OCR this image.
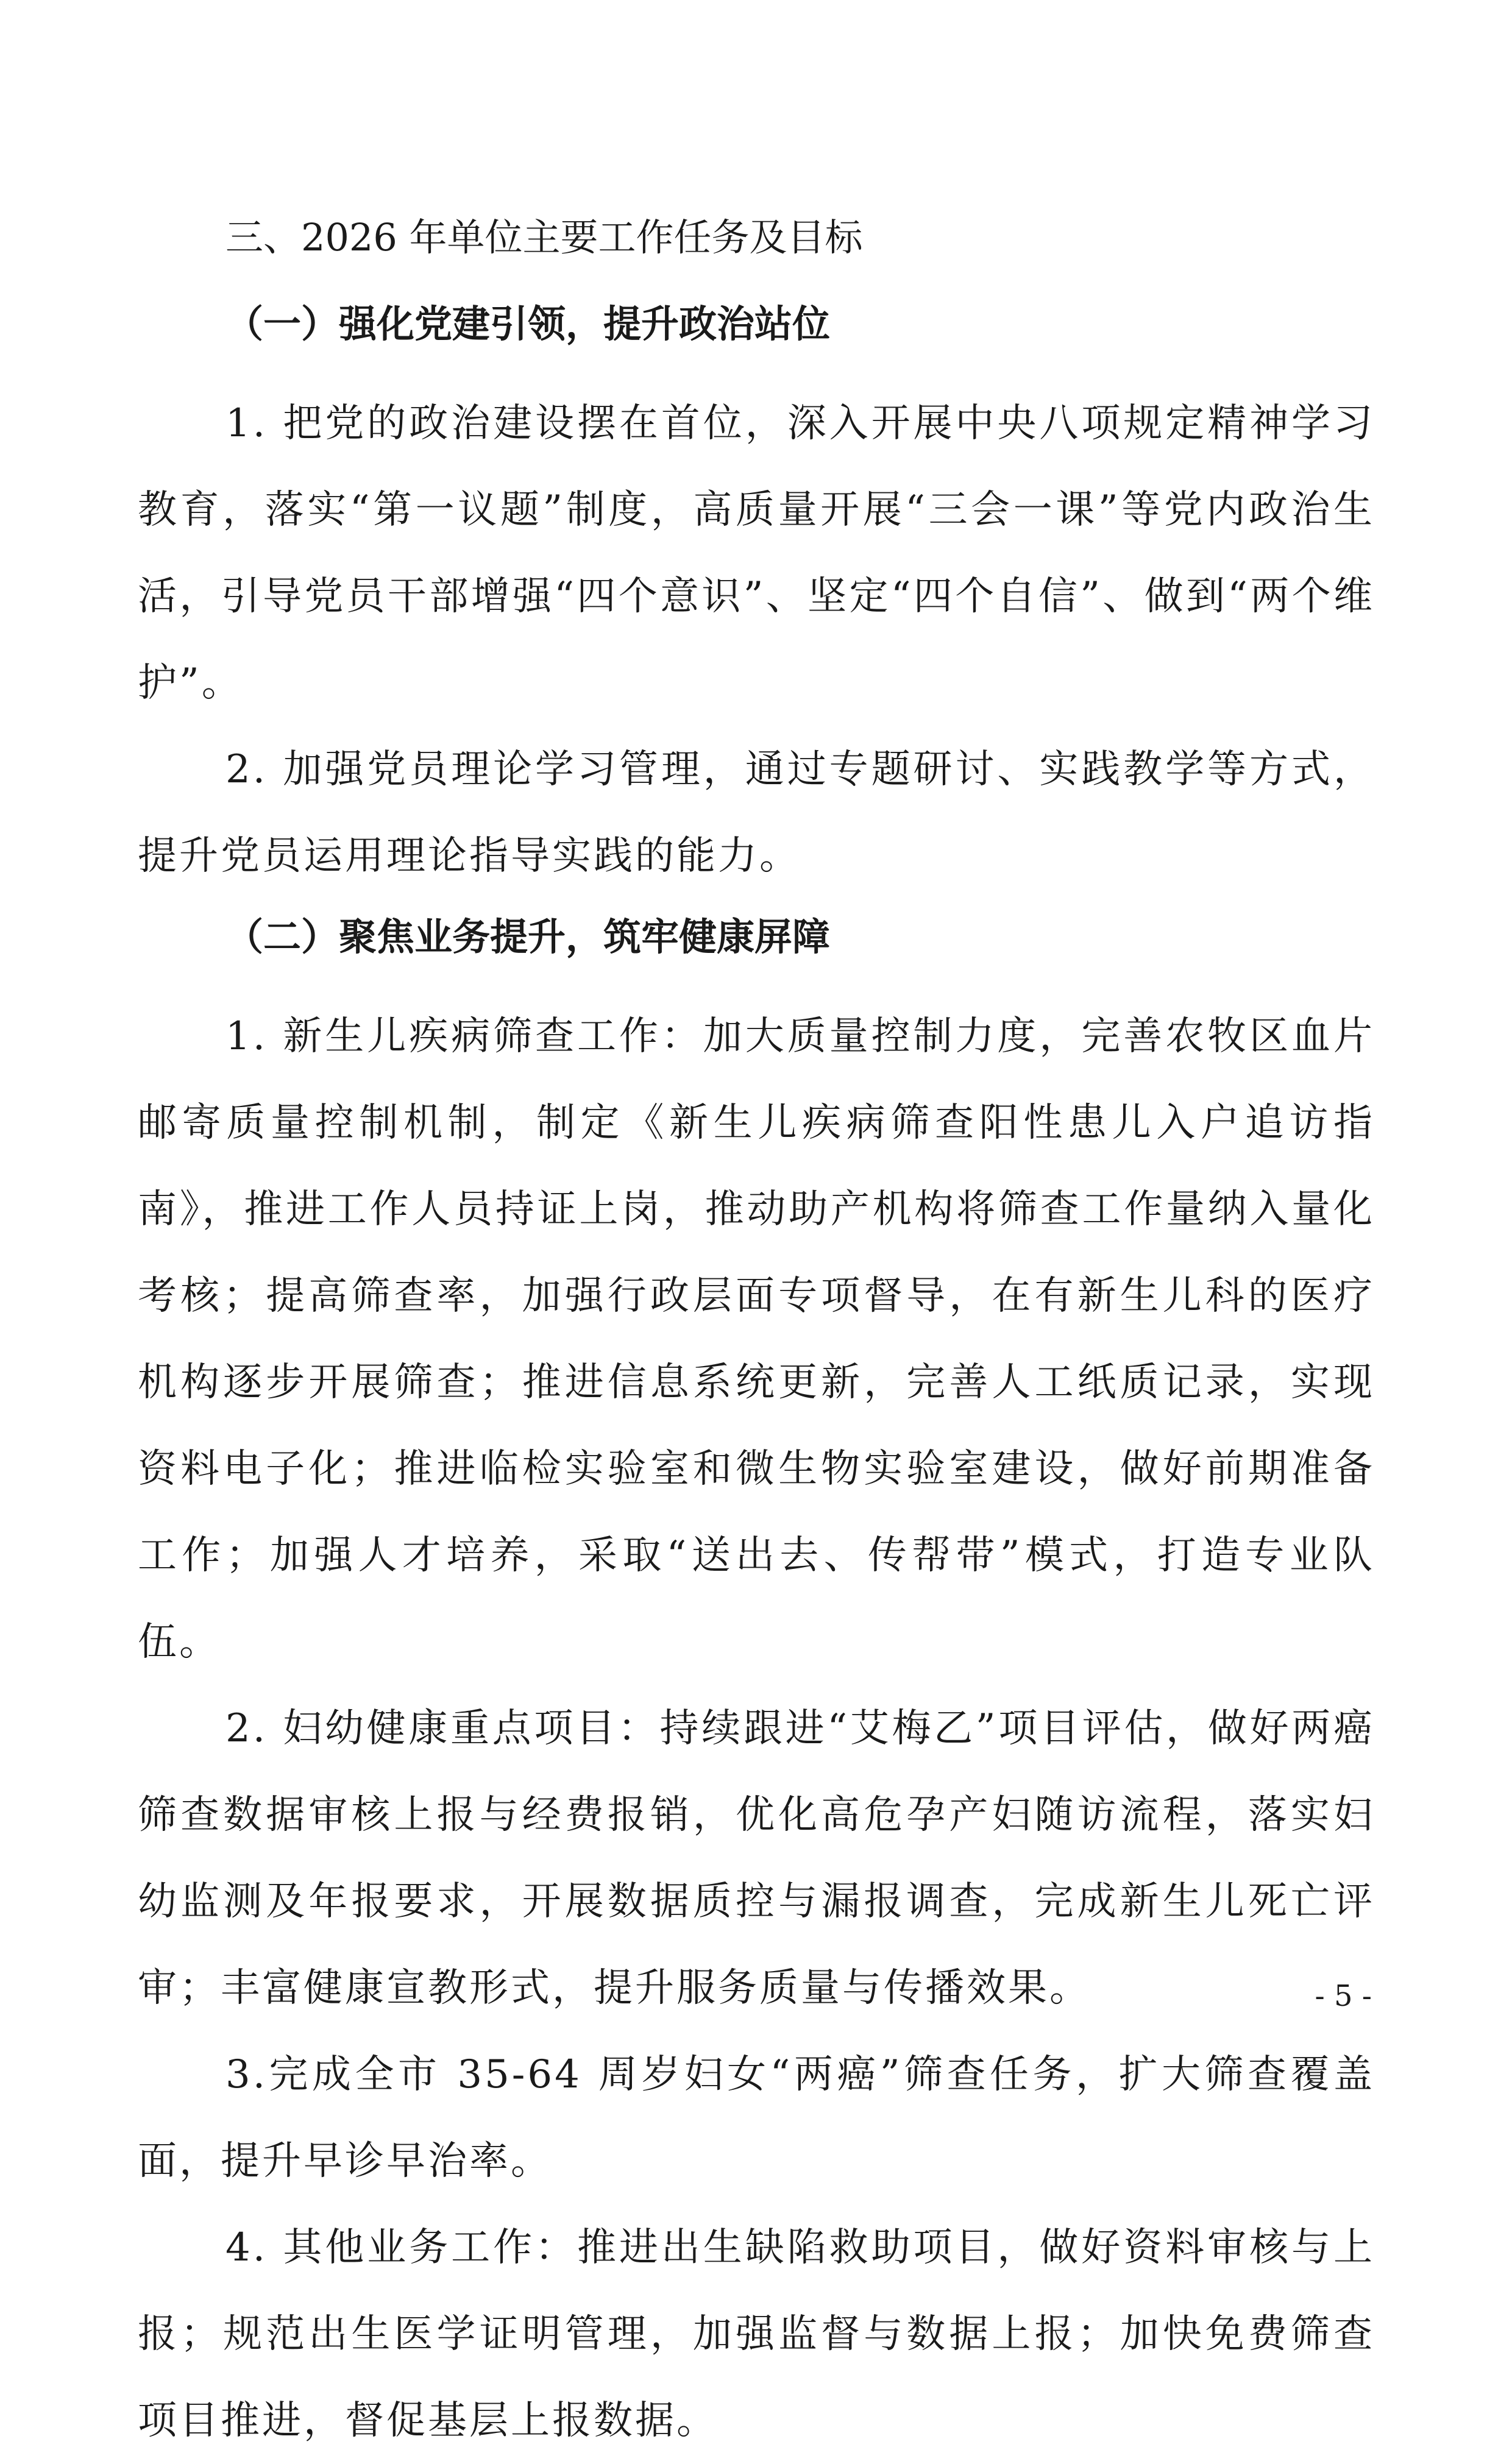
三、2026 年单位主要工作任务及目标
（一）强化党建引领，提升政治站位

1. 把党的政治建设摆在首位，深入开展中央八项规定精神学习教育，落实“第一议题”制度，高质量开展“三会一课”等党内政治生活，引导党员干部增强“四个意识”、坚定“四个自信”、做到“两个维护”。

2. 加强党员理论学习管理，通过专题研讨、实践教学等方式，提升党员运用理论指导实践的能力。

（二）聚焦业务提升，筑牢健康屏障

1. 新生儿疾病筛查工作：加大质量控制力度，完善农牧区血片邮寄质量控制机制，制定《新生儿疾病筛查阳性患儿入户追访指南》，推进工作人员持证上岗，推动助产机构将筛查工作量纳入量化考核；提高筛查率，加强行政层面专项督导，在有新生儿科的医疗机构逐步开展筛查；推进信息系统更新，完善人工纸质记录，实现资料电子化；推进临检实验室和微生物实验室建设，做好前期准备工作；加强人才培养，采取“送出去、传帮带”模式，打造专业队伍。

2. 妇幼健康重点项目：持续跟进“艾梅乙”项目评估，做好两癌筛查数据审核上报与经费报销，优化高危孕产妇随访流程，落实妇幼监测及年报要求，开展数据质控与漏报调查，完成新生儿死亡评审；丰富健康宣教形式，提升服务质量与传播效果。

3.完成全市 35-64 周岁妇女“两癌”筛查任务，扩大筛查覆盖面，提升早诊早治率。

4. 其他业务工作：推进出生缺陷救助项目，做好资料审核与上报；规范出生医学证明管理，加强监督与数据上报；加快免费筛查项目推进，督促基层上报数据。

- 5 -
